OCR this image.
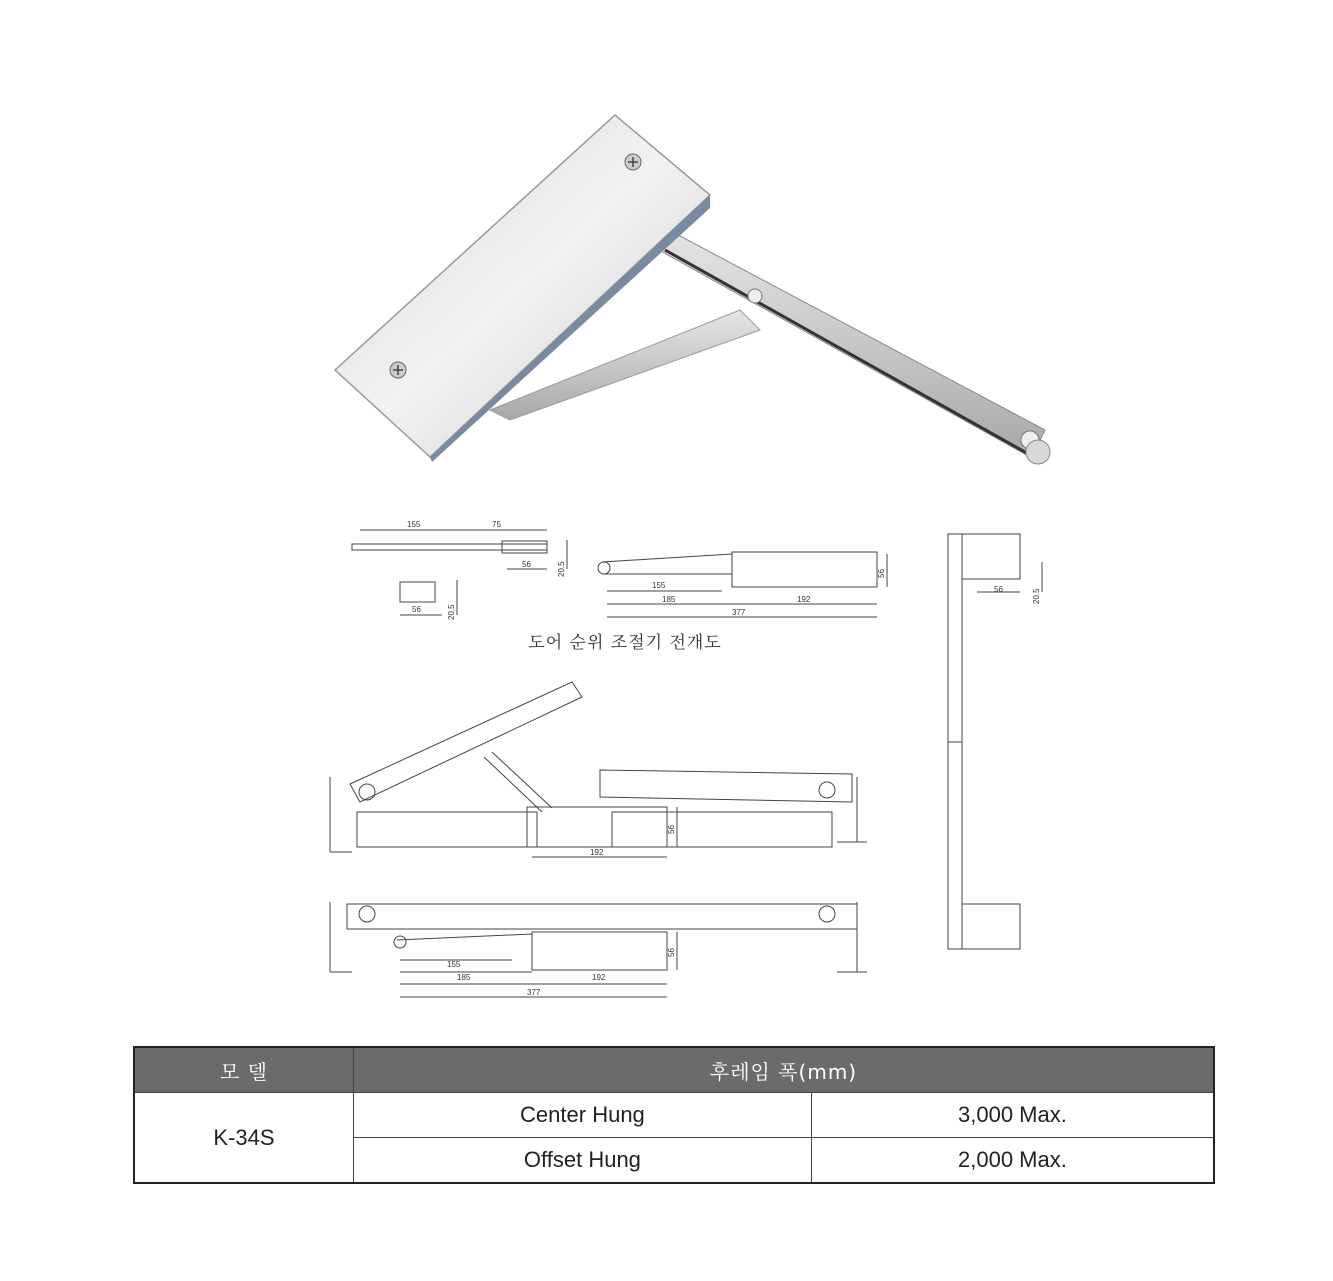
155	75
56	20.5
56	20.5
155
185	192
377
56
56	20.5
192
56
155
185	192
377
56
도어 순위 조절기 전개도
모 델	후레임 폭(mm)	
K-34S	Center Hung	3,000 Max.
	Offset Hung	2,000 Max.
